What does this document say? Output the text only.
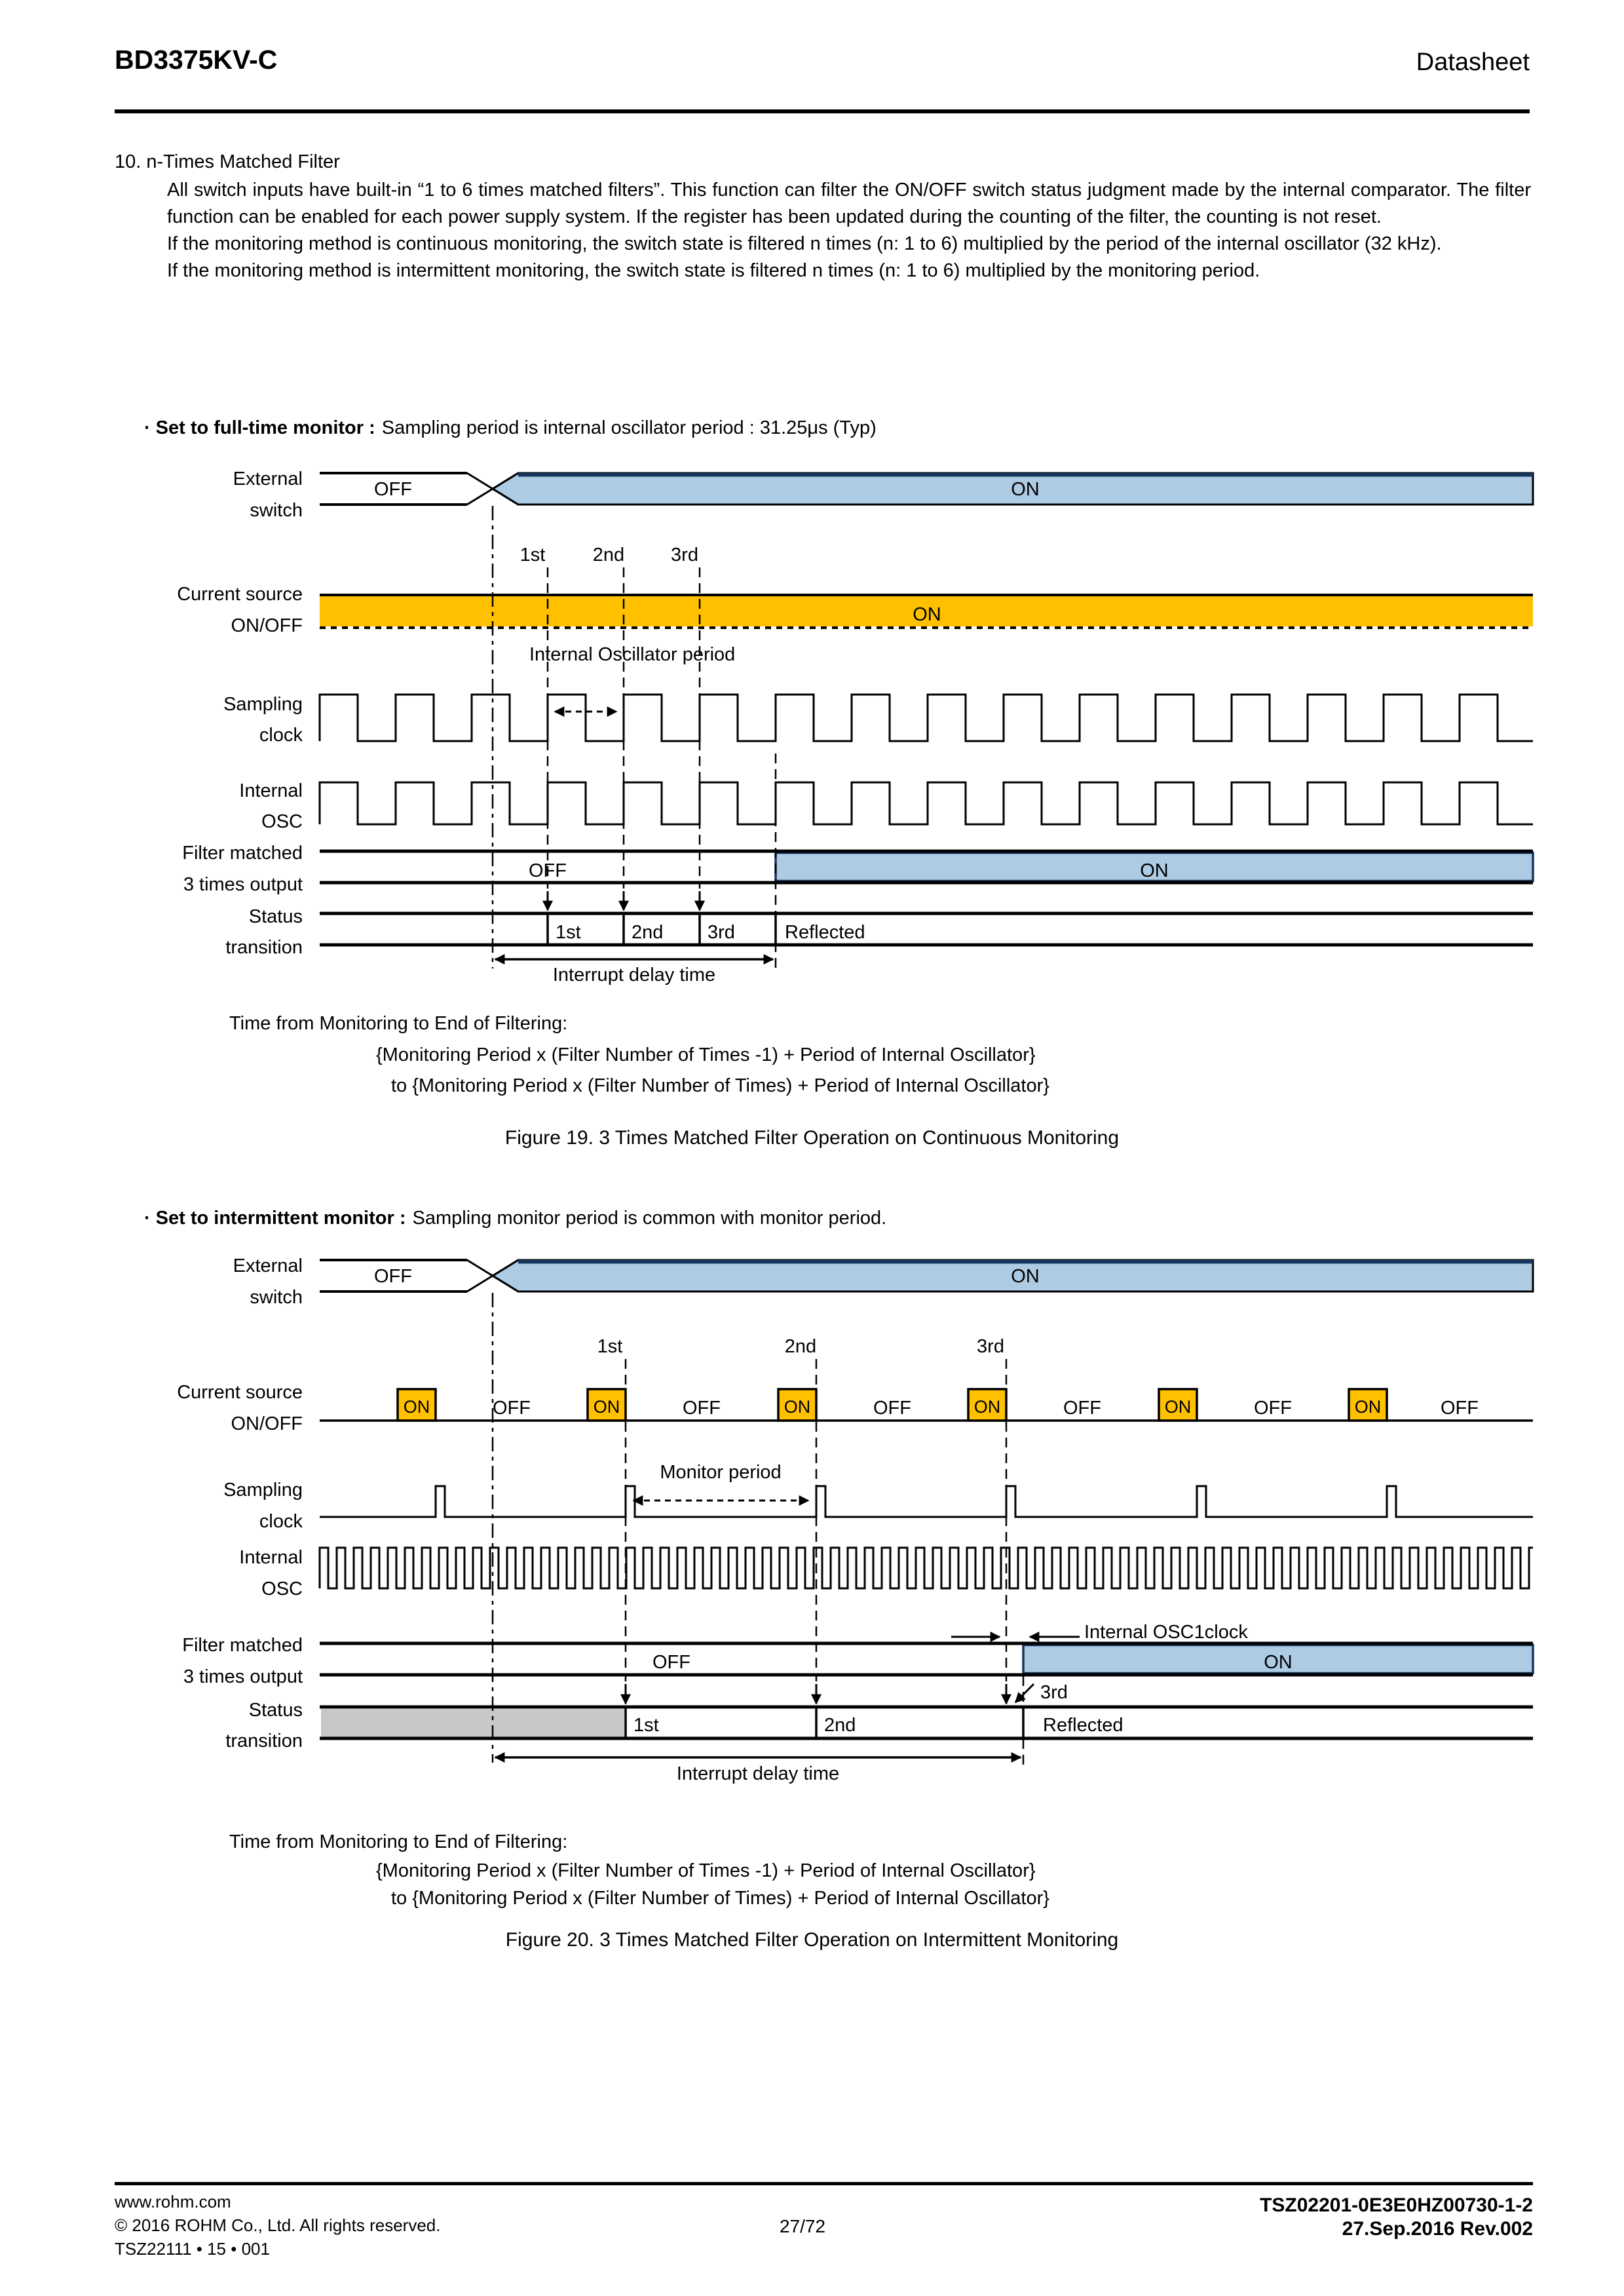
BD3375KV-C	Datasheet
10. n-Times Matched Filter

All switch inputs have built-in “1 to 6 times matched filters”. This function can filter the ON/OFF switch status judgment made by the internal comparator. The filter function can be enabled for each power supply system. If the register has been updated during the counting of the filter, the counting is not reset.

If the monitoring method is continuous monitoring, the switch state is filtered n times (n: 1 to 6) multiplied by the period of the internal oscillator (32 kHz).

If the monitoring method is intermittent monitoring, the switch state is filtered n times (n: 1 to 6) multiplied by the monitoring period.

· Set to full-time monitor : Sampling period is internal oscillator period : 31.25μs (Typ)
· Set to intermittent monitor : Sampling monitor period is common with monitor period.
External
switch
Current source
ON/OFF
Sampling
clock
Internal
OSC
Filter matched
3 times output
Status
transition
OFF	ON
ON
1st 2nd 3rd
Internal Oscillator period
OFF	ON
1st	2nd 3rd	Reflected
Interrupt delay time
External
switch
Current source
ON/OFF
Sampling
clock
Internal
OSC
Filter matched
3 times output
Status
transition
OFF	ON
1st	2nd	3rd
ON	ON	ON	ON	ON	ON
OFF	OFF	OFF	OFF	OFF	OFF
Monitor period
Internal OSC1clock
OFF	ON
3rd
1st	2nd	Reflected
Interrupt delay time
Time from Monitoring to End of Filtering:
{Monitoring Period x (Filter Number of Times -1) + Period of Internal Oscillator}
to {Monitoring Period x (Filter Number of Times) + Period of Internal Oscillator}
Figure 19. 3 Times Matched Filter Operation on Continuous Monitoring
Time from Monitoring to End of Filtering:
{Monitoring Period x (Filter Number of Times -1) + Period of Internal Oscillator}
to {Monitoring Period x (Filter Number of Times) + Period of Internal Oscillator}
Figure 20. 3 Times Matched Filter Operation on Intermittent Monitoring
www.rohm.com
© 2016 ROHM Co., Ltd. All rights reserved.
TSZ22111 • 15 • 001
27/72
TSZ02201-0E3E0HZ00730-1-2
27.Sep.2016 Rev.002
